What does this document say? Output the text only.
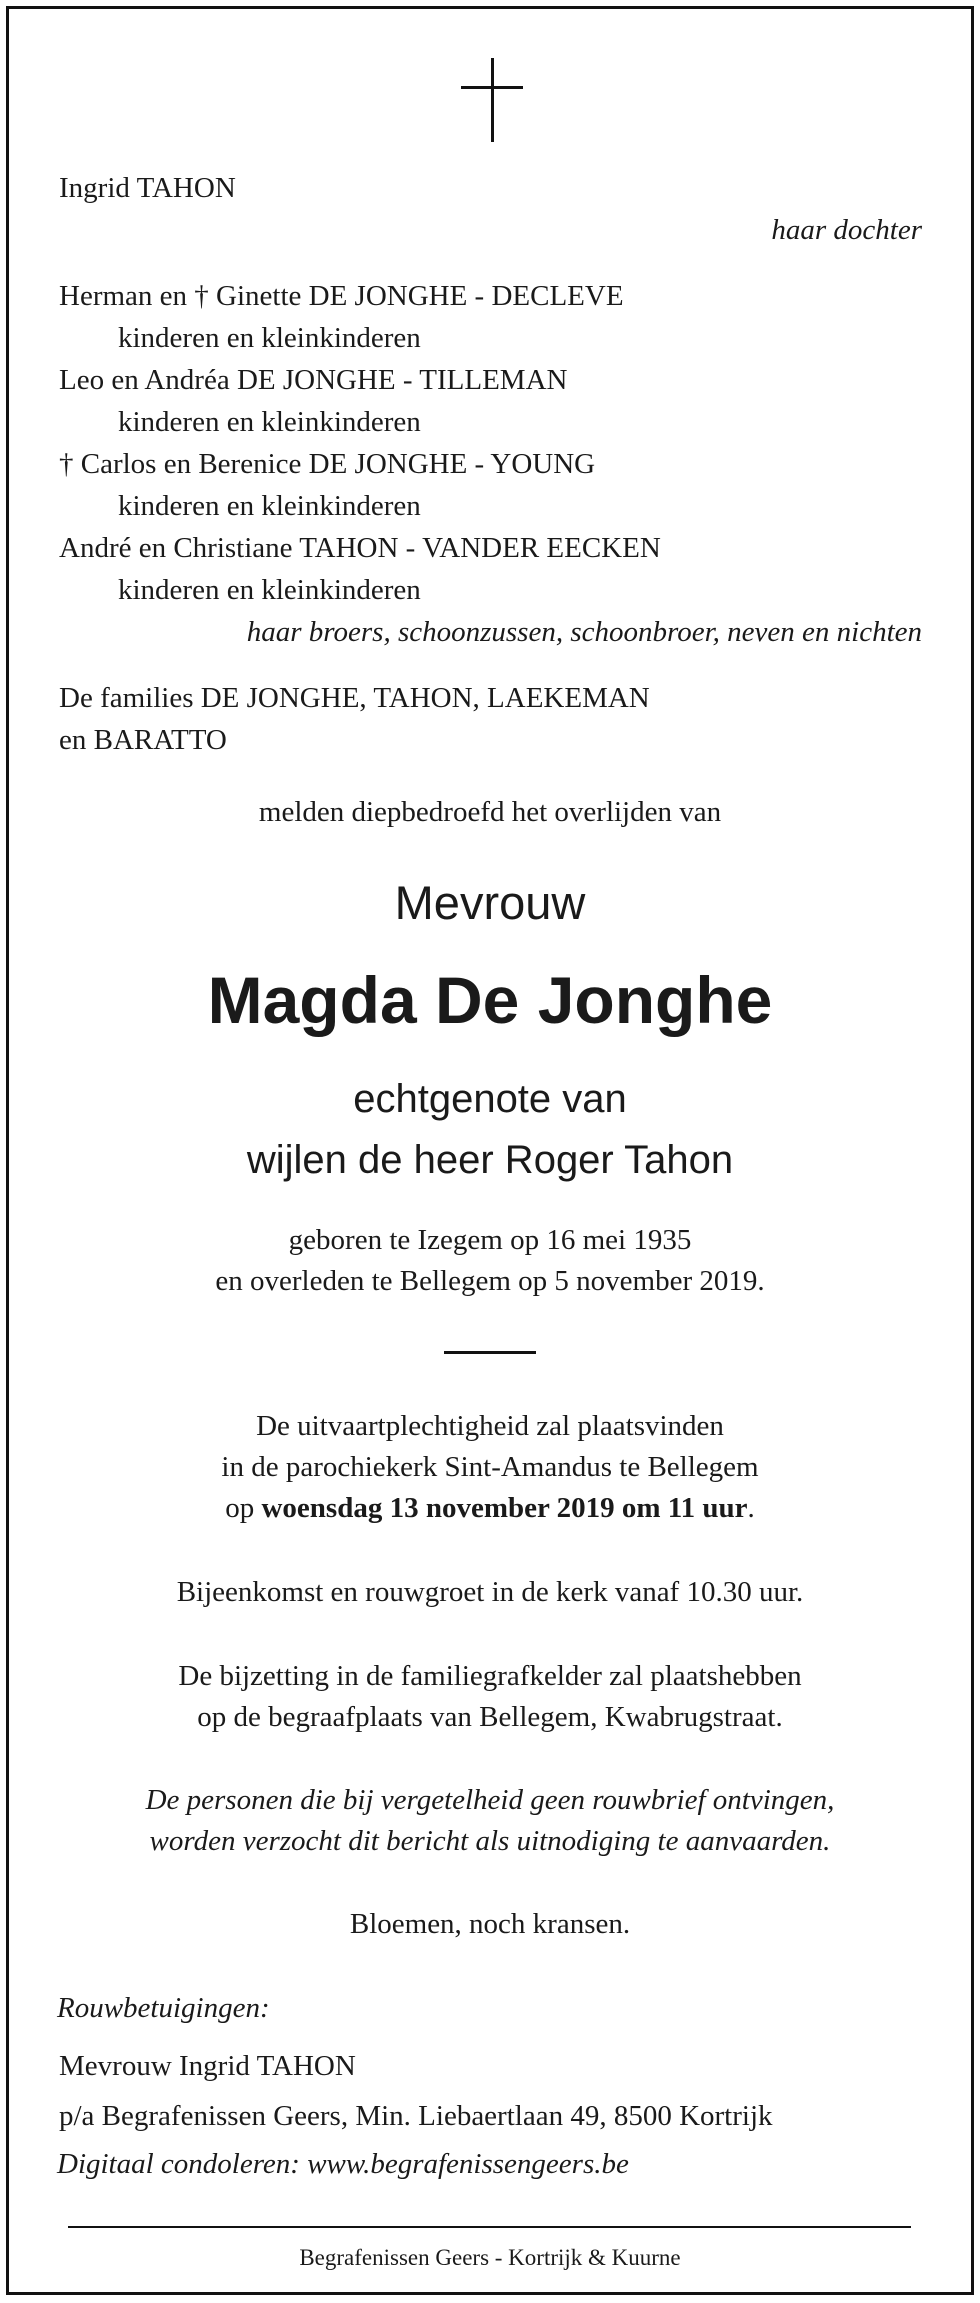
Ingrid TAHON
haar dochter
Herman en † Ginette DE JONGHE - DECLEVE
kinderen en kleinkinderen
Leo en Andréa DE JONGHE - TILLEMAN
kinderen en kleinkinderen
† Carlos en Berenice DE JONGHE - YOUNG
kinderen en kleinkinderen
André en Christiane TAHON - VANDER EECKEN
kinderen en kleinkinderen
haar broers, schoonzussen, schoonbroer, neven en nichten
De families DE JONGHE, TAHON, LAEKEMAN
en BARATTO
melden diepbedroefd het overlijden van
Mevrouw
Magda De Jonghe
echtgenote van
wijlen de heer Roger Tahon
geboren te Izegem op 16 mei 1935
en overleden te Bellegem op 5 november 2019.
De uitvaartplechtigheid zal plaatsvinden
in de parochiekerk Sint-Amandus te Bellegem
op woensdag 13 november 2019 om 11 uur.
Bijeenkomst en rouwgroet in de kerk vanaf 10.30 uur.
De bijzetting in de familiegrafkelder zal plaatshebben
op de begraafplaats van Bellegem, Kwabrugstraat.
De personen die bij vergetelheid geen rouwbrief ontvingen,
worden verzocht dit bericht als uitnodiging te aanvaarden.
Bloemen, noch kransen.
Rouwbetuigingen:
Mevrouw Ingrid TAHON
p/a Begrafenissen Geers, Min. Liebaertlaan 49, 8500 Kortrijk
Digitaal condoleren: www.begrafenissengeers.be
Begrafenissen Geers - Kortrijk & Kuurne
